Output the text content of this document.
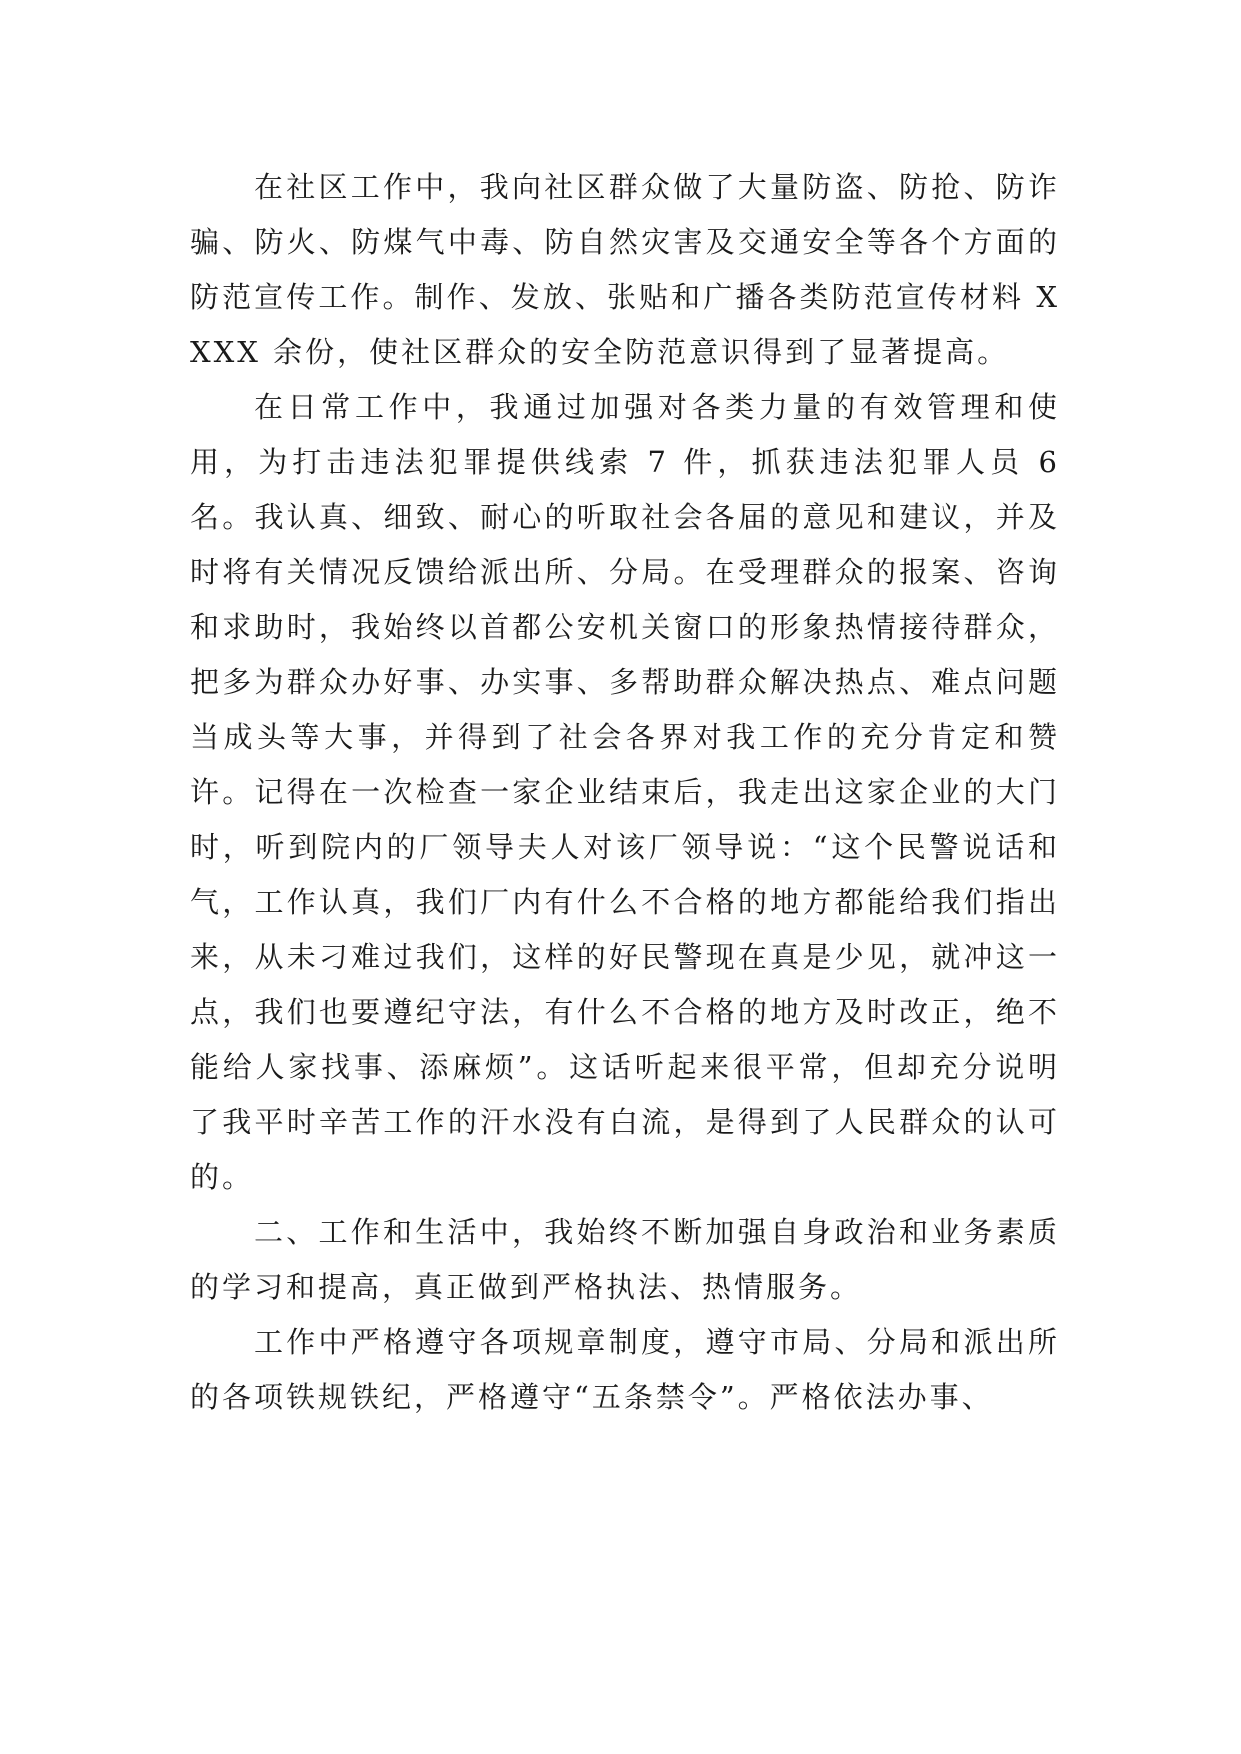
在社区工作中，我向社区群众做了大量防盗、防抢、防诈骗、防火、防煤气中毒、防自然灾害及交通安全等各个方面的防范宣传工作。制作、发放、张贴和广播各类防范宣传材料 XXXX 余份，使社区群众的安全防范意识得到了显著提高。

在日常工作中，我通过加强对各类力量的有效管理和使用，为打击违法犯罪提供线索 7 件，抓获违法犯罪人员 6 名。我认真、细致、耐心的听取社会各届的意见和建议，并及时将有关情况反馈给派出所、分局。在受理群众的报案、咨询和求助时，我始终以首都公安机关窗口的形象热情接待群众，把多为群众办好事、办实事、多帮助群众解决热点、难点问题当成头等大事，并得到了社会各界对我工作的充分肯定和赞许。记得在一次检查一家企业结束后，我走出这家企业的大门时，听到院内的厂领导夫人对该厂领导说：“这个民警说话和气，工作认真，我们厂内有什么不合格的地方都能给我们指出来，从未刁难过我们，这样的好民警现在真是少见，就冲这一点，我们也要遵纪守法，有什么不合格的地方及时改正，绝不能给人家找事、添麻烦”。这话听起来很平常，但却充分说明了我平时辛苦工作的汗水没有白流，是得到了人民群众的认可的。

二、工作和生活中，我始终不断加强自身政治和业务素质的学习和提高，真正做到严格执法、热情服务。

工作中严格遵守各项规章制度，遵守市局、分局和派出所的各项铁规铁纪，严格遵守“五条禁令”。严格依法办事、
